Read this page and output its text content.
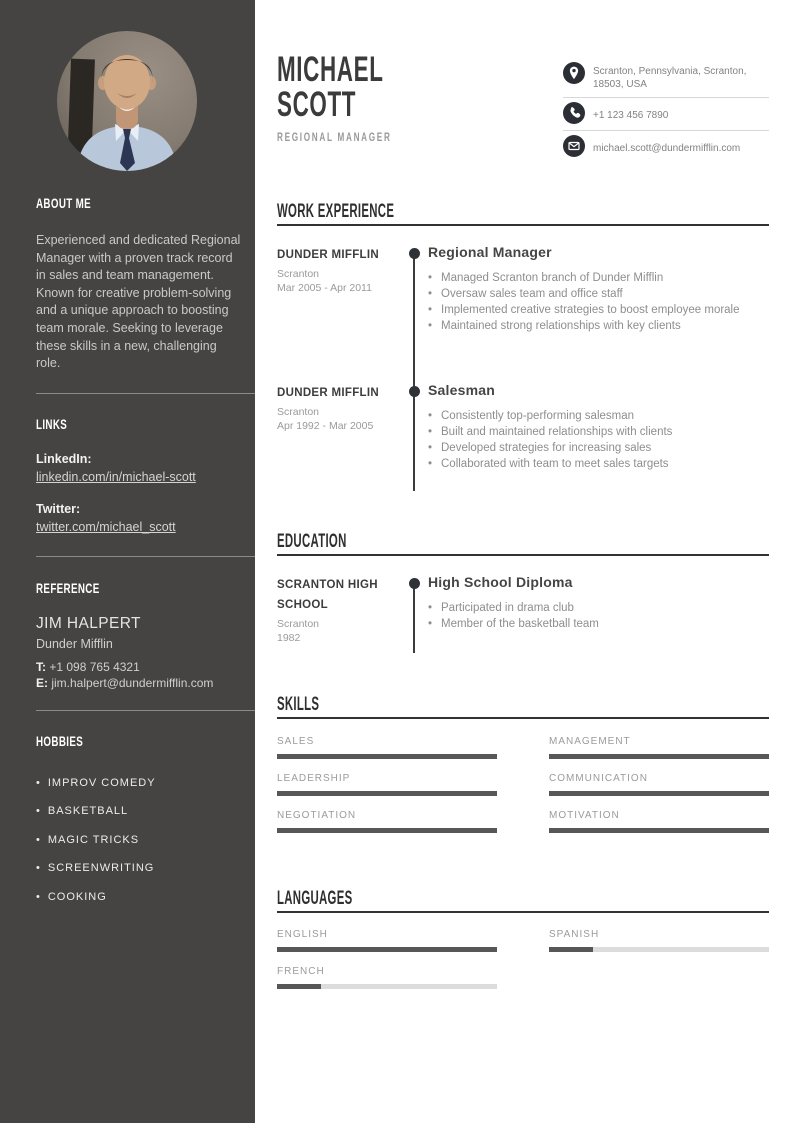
ABOUT ME

Experienced and dedicated Regional Manager with a proven track record in sales and team management. Known for creative problem-solving and a unique approach to boosting team morale. Seeking to leverage these skills in a new, challenging role.

LINKS
LinkedIn:
linkedin.com/in/michael-scott
Twitter:
twitter.com/michael_scott
REFERENCE
JIM HALPERT
Dunder Mifflin
T: +1 098 765 4321
E: jim.halpert@dundermifflin.com
HOBBIES
• IMPROV COMEDY
• BASKETBALL
• MAGIC TRICKS
• SCREENWRITING
• COOKING
MICHAEL
SCOTT
REGIONAL MANAGER
Scranton, Pennsylvania, Scranton,
18503, USA
+1 123 456 7890
michael.scott@dundermifflin.com
WORK EXPERIENCE
DUNDER MIFFLIN
Scranton
Mar 2005 - Apr 2011
Regional Manager
• Managed Scranton branch of Dunder Mifflin
• Oversaw sales team and office staff
• Implemented creative strategies to boost employee morale
• Maintained strong relationships with key clients
DUNDER MIFFLIN
Scranton
Apr 1992 - Mar 2005
Salesman
• Consistently top-performing salesman
• Built and maintained relationships with clients
• Developed strategies for increasing sales
• Collaborated with team to meet sales targets
EDUCATION
SCRANTON HIGH SCHOOL
Scranton
1982
High School Diploma
• Participated in drama club
• Member of the basketball team
SKILLS
SALES	MANAGEMENT
LEADERSHIP	COMMUNICATION
NEGOTIATION	MOTIVATION
LANGUAGES
ENGLISH	SPANISH
FRENCH
